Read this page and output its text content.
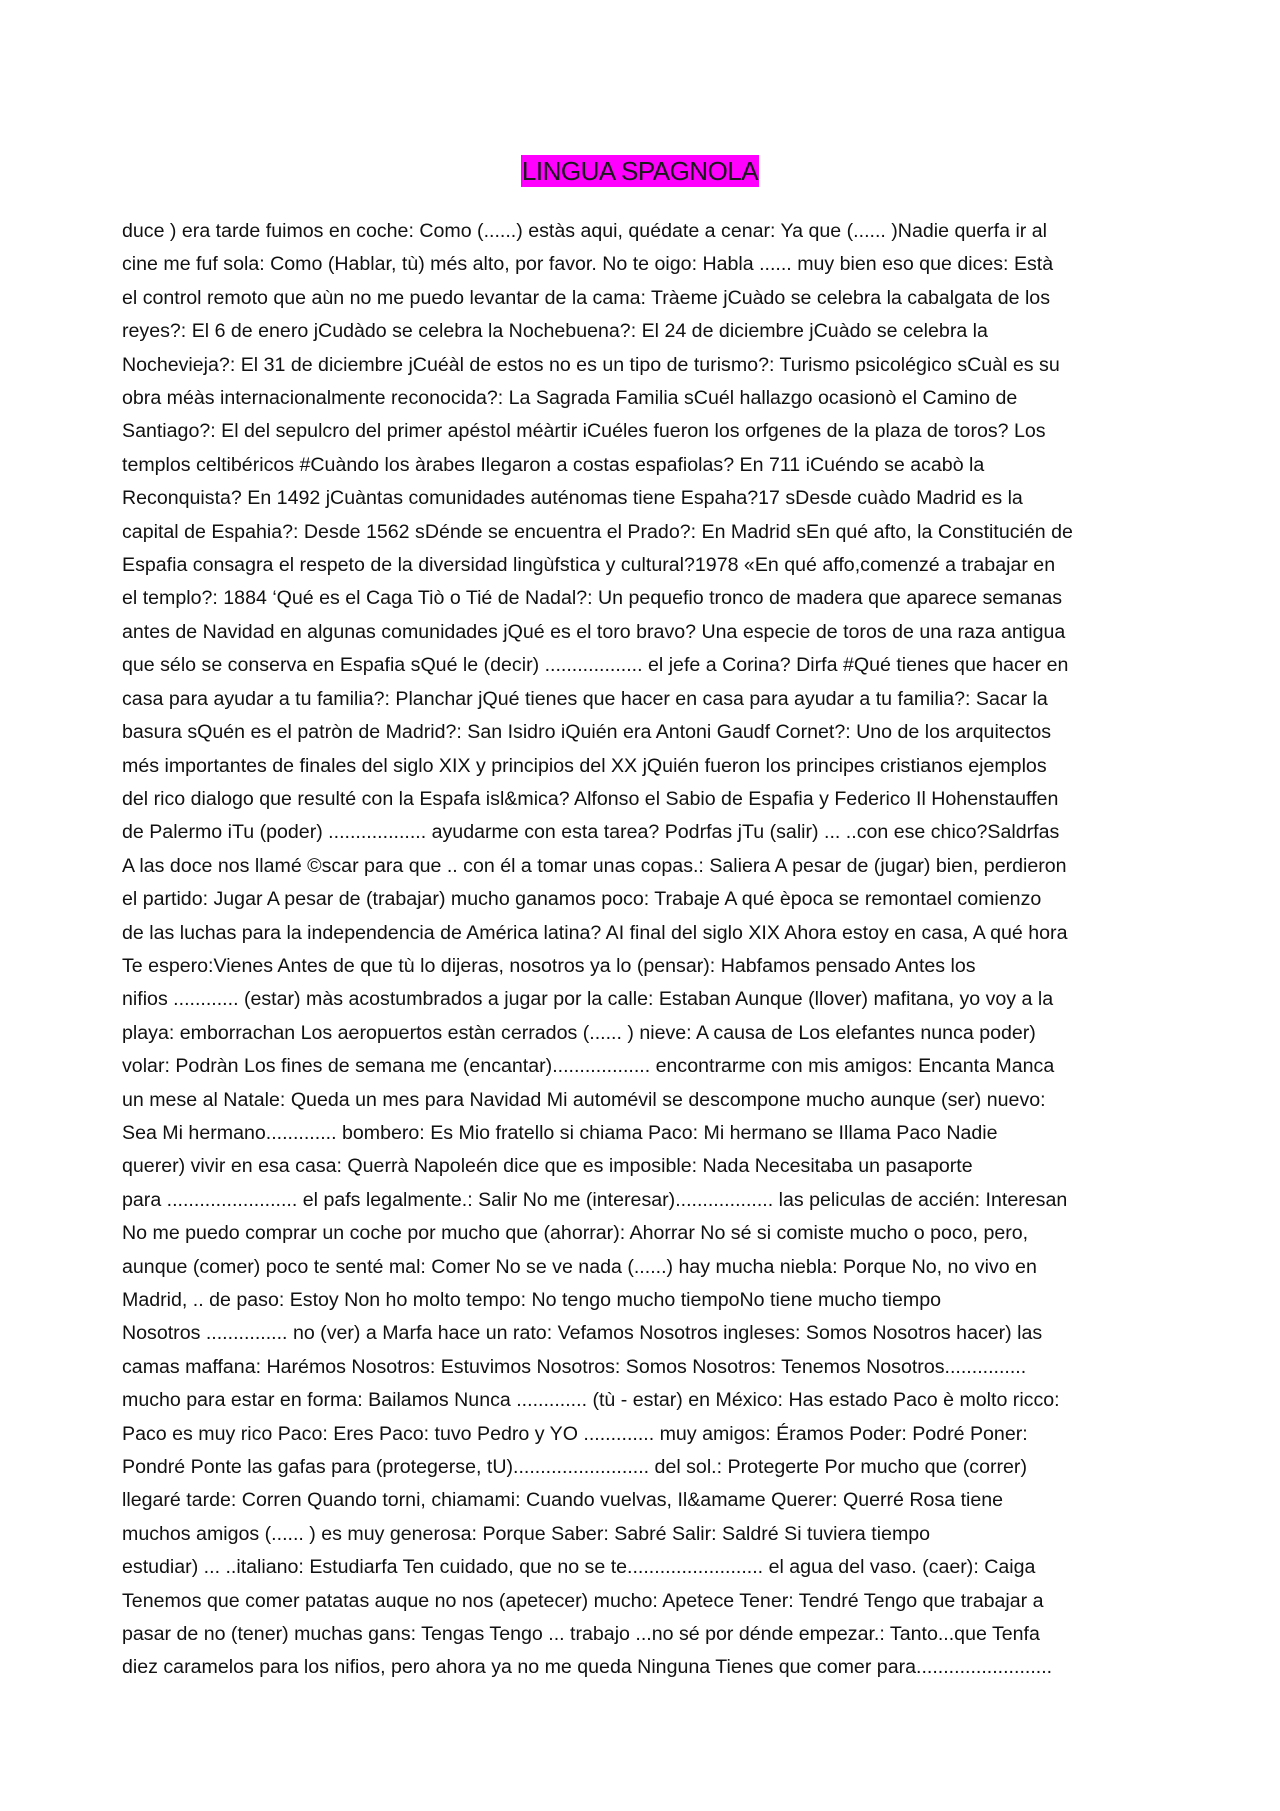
LINGUA SPAGNOLA
duce ) era tarde fuimos en coche: Como (......) estàs aqui, quédate a cenar: Ya que (...... )Nadie querfa ir al
cine me fuf sola: Como (Hablar, tù) més alto, por favor. No te oigo: Habla ...... muy bien eso que dices: Està
el control remoto que aùn no me puedo levantar de la cama: Tràeme jCuàdo se celebra la cabalgata de los
reyes?: El 6 de enero jCudàdo se celebra la Nochebuena?: El 24 de diciembre jCuàdo se celebra la
Nochevieja?: El 31 de diciembre jCuéàl de estos no es un tipo de turismo?: Turismo psicolégico sCuàl es su
obra méàs internacionalmente reconocida?: La Sagrada Familia sCuél hallazgo ocasionò el Camino de
Santiago?: El del sepulcro del primer apéstol méàrtir iCuéles fueron los orfgenes de la plaza de toros? Los
templos celtibéricos #Cuàndo los àrabes Ilegaron a costas espafiolas? En 711 iCuéndo se acabò la
Reconquista? En 1492 jCuàntas comunidades auténomas tiene Espaha?17 sDesde cuàdo Madrid es la
capital de Espahia?: Desde 1562 sDénde se encuentra el Prado?: En Madrid sEn qué afto, la Constitucién de
Espafia consagra el respeto de la diversidad lingùfstica y cultural?1978 «En qué affo,comenzé a trabajar en
el templo?: 1884 ‘Qué es el Caga Tiò o Tié de Nadal?: Un pequefio tronco de madera que aparece semanas
antes de Navidad en algunas comunidades jQué es el toro bravo? Una especie de toros de una raza antigua
que sélo se conserva en Espafia sQué le (decir) .................. el jefe a Corina? Dirfa #Qué tienes que hacer en
casa para ayudar a tu familia?: Planchar jQué tienes que hacer en casa para ayudar a tu familia?: Sacar la
basura sQuén es el patròn de Madrid?: San Isidro iQuién era Antoni Gaudf Cornet?: Uno de los arquitectos
més importantes de finales del siglo XIX y principios del XX jQuién fueron los principes cristianos ejemplos
del rico dialogo que resulté con la Espafa isl&mica? Alfonso el Sabio de Espafia y Federico Il Hohenstauffen
de Palermo iTu (poder) .................. ayudarme con esta tarea? Podrfas jTu (salir) ... ..con ese chico?Saldrfas
A las doce nos llamé ©scar para que .. con él a tomar unas copas.: Saliera A pesar de (jugar) bien, perdieron
el partido: Jugar A pesar de (trabajar) mucho ganamos poco: Trabaje A qué època se remontael comienzo
de las luchas para la independencia de América latina? AI final del siglo XIX Ahora estoy en casa, A qué hora
Te espero:Vienes Antes de que tù lo dijeras, nosotros ya lo (pensar): Habfamos pensado Antes los
nifios ............ (estar) màs acostumbrados a jugar por la calle: Estaban Aunque (llover) mafitana, yo voy a la
playa: emborrachan Los aeropuertos estàn cerrados (...... ) nieve: A causa de Los elefantes nunca poder)
volar: Podràn Los fines de semana me (encantar).................. encontrarme con mis amigos: Encanta Manca
un mese al Natale: Queda un mes para Navidad Mi automévil se descompone mucho aunque (ser) nuevo:
Sea Mi hermano............. bombero: Es Mio fratello si chiama Paco: Mi hermano se Illama Paco Nadie
querer) vivir en esa casa: Querrà Napoleén dice que es imposible: Nada Necesitaba un pasaporte
para ........................ el pafs legalmente.: Salir No me (interesar).................. las peliculas de accién: Interesan
No me puedo comprar un coche por mucho que (ahorrar): Ahorrar No sé si comiste mucho o poco, pero,
aunque (comer) poco te senté mal: Comer No se ve nada (......) hay mucha niebla: Porque No, no vivo en
Madrid, .. de paso: Estoy Non ho molto tempo: No tengo mucho tiempoNo tiene mucho tiempo
Nosotros ............... no (ver) a Marfa hace un rato: Vefamos Nosotros ingleses: Somos Nosotros hacer) las
camas maffana: Harémos Nosotros: Estuvimos Nosotros: Somos Nosotros: Tenemos Nosotros...............
mucho para estar en forma: Bailamos Nunca ............. (tù - estar) en México: Has estado Paco è molto ricco:
Paco es muy rico Paco: Eres Paco: tuvo Pedro y YO ............. muy amigos: Éramos Poder: Podré Poner:
Pondré Ponte las gafas para (protegerse, tU)......................... del sol.: Protegerte Por mucho que (correr)
llegaré tarde: Corren Quando torni, chiamami: Cuando vuelvas, Il&amame Querer: Querré Rosa tiene
muchos amigos (...... ) es muy generosa: Porque Saber: Sabré Salir: Saldré Si tuviera tiempo
estudiar) ... ..italiano: Estudiarfa Ten cuidado, que no se te......................... el agua del vaso. (caer): Caiga
Tenemos que comer patatas auque no nos (apetecer) mucho: Apetece Tener: Tendré Tengo que trabajar a
pasar de no (tener) muchas gans: Tengas Tengo ... trabajo ...no sé por dénde empezar.: Tanto...que Tenfa
diez caramelos para los nifios, pero ahora ya no me queda Ninguna Tienes que comer para.........................
